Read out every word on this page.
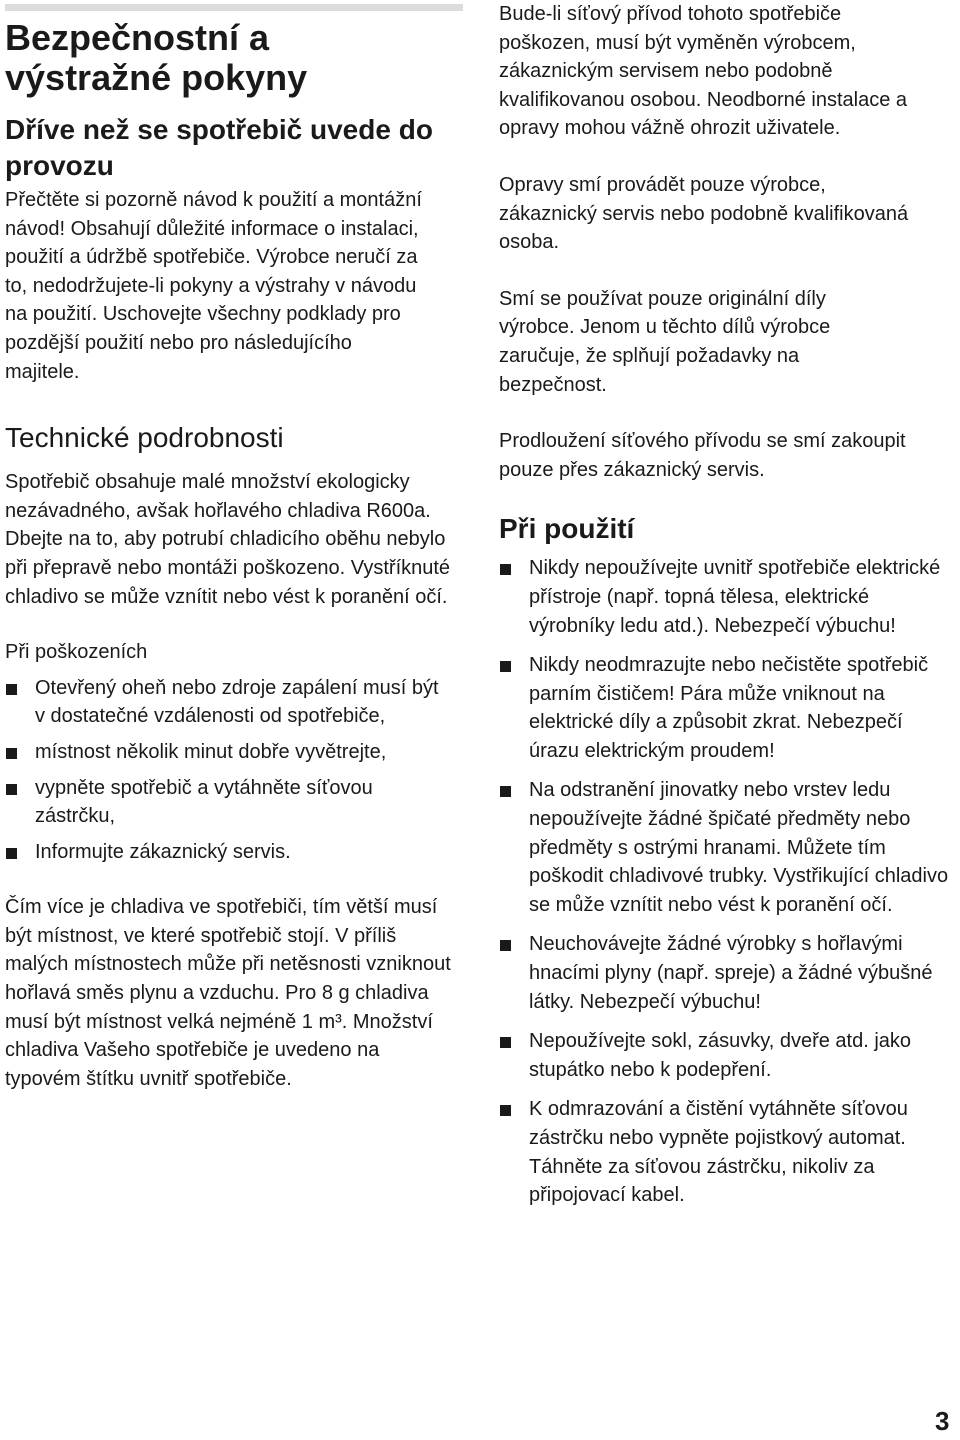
Bezpečnostní a výstražné pokyny
Dříve než se spotřebič uvede do provozu

Přečtěte si pozorně návod k použití a montážní návod! Obsahují důležité informace o instalaci, použití a údržbě spotřebiče. Výrobce neručí za to, nedodržujete-li pokyny a výstrahy v návodu na použití. Uschovejte všechny podklady pro pozdější použití nebo pro následujícího majitele.

Technické podrobnosti

Spotřebič obsahuje malé množství ekologicky nezávadného, avšak hořlavého chladiva R600a. Dbejte na to, aby potrubí chladicího oběhu nebylo při přepravě nebo montáži poškozeno. Vystříknuté chladivo se může vznítit nebo vést k poranění očí.

Při poškozeních

Otevřený oheň nebo zdroje zapálení musí být v dostatečné vzdálenosti od spotřebiče,
místnost několik minut dobře vyvětrejte,
vypněte spotřebič a vytáhněte síťovou zástrčku,
Informujte zákaznický servis.

Čím více je chladiva ve spotřebiči, tím větší musí být místnost, ve které spotřebič stojí. V příliš malých místnostech může při netěsnosti vzniknout hořlavá směs plynu a vzduchu. Pro 8 g chladiva musí být místnost velká nejméně 1 m³. Množství chladiva Vašeho spotřebiče je uvedeno na typovém štítku uvnitř spotřebiče.

Bude-li síťový přívod tohoto spotřebiče poškozen, musí být vyměněn výrobcem, zákaznickým servisem nebo podobně kvalifikovanou osobou. Neodborné instalace a opravy mohou vážně ohrozit uživatele.

Opravy smí provádět pouze výrobce, zákaznický servis nebo podobně kvalifikovaná osoba.

Smí se používat pouze originální díly výrobce. Jenom u těchto dílů výrobce zaručuje, že splňují požadavky na bezpečnost.

Prodloužení síťového přívodu se smí zakoupit pouze přes zákaznický servis.

Při použití
Nikdy nepoužívejte uvnitř spotřebiče elektrické přístroje (např. topná tělesa, elektrické výrobníky ledu atd.). Nebezpečí výbuchu!
Nikdy neodmrazujte nebo nečistěte spotřebič parním čističem! Pára může vniknout na elektrické díly a způsobit zkrat. Nebezpečí úrazu elektrickým proudem!
Na odstranění jinovatky nebo vrstev ledu nepoužívejte žádné špičaté předměty nebo předměty s ostrými hranami. Můžete tím poškodit chladivové trubky. Vystřikující chladivo se může vznítit nebo vést k poranění očí.
Neuchovávejte žádné výrobky s hořlavými hnacími plyny (např. spreje) a žádné výbušné látky. Nebezpečí výbuchu!
Nepoužívejte sokl, zásuvky, dveře atd. jako stupátko nebo k podepření.
K odmrazování a čistění vytáhněte síťovou zástrčku nebo vypněte pojistkový automat. Táhněte za síťovou zástrčku, nikoliv za připojovací kabel.
3
